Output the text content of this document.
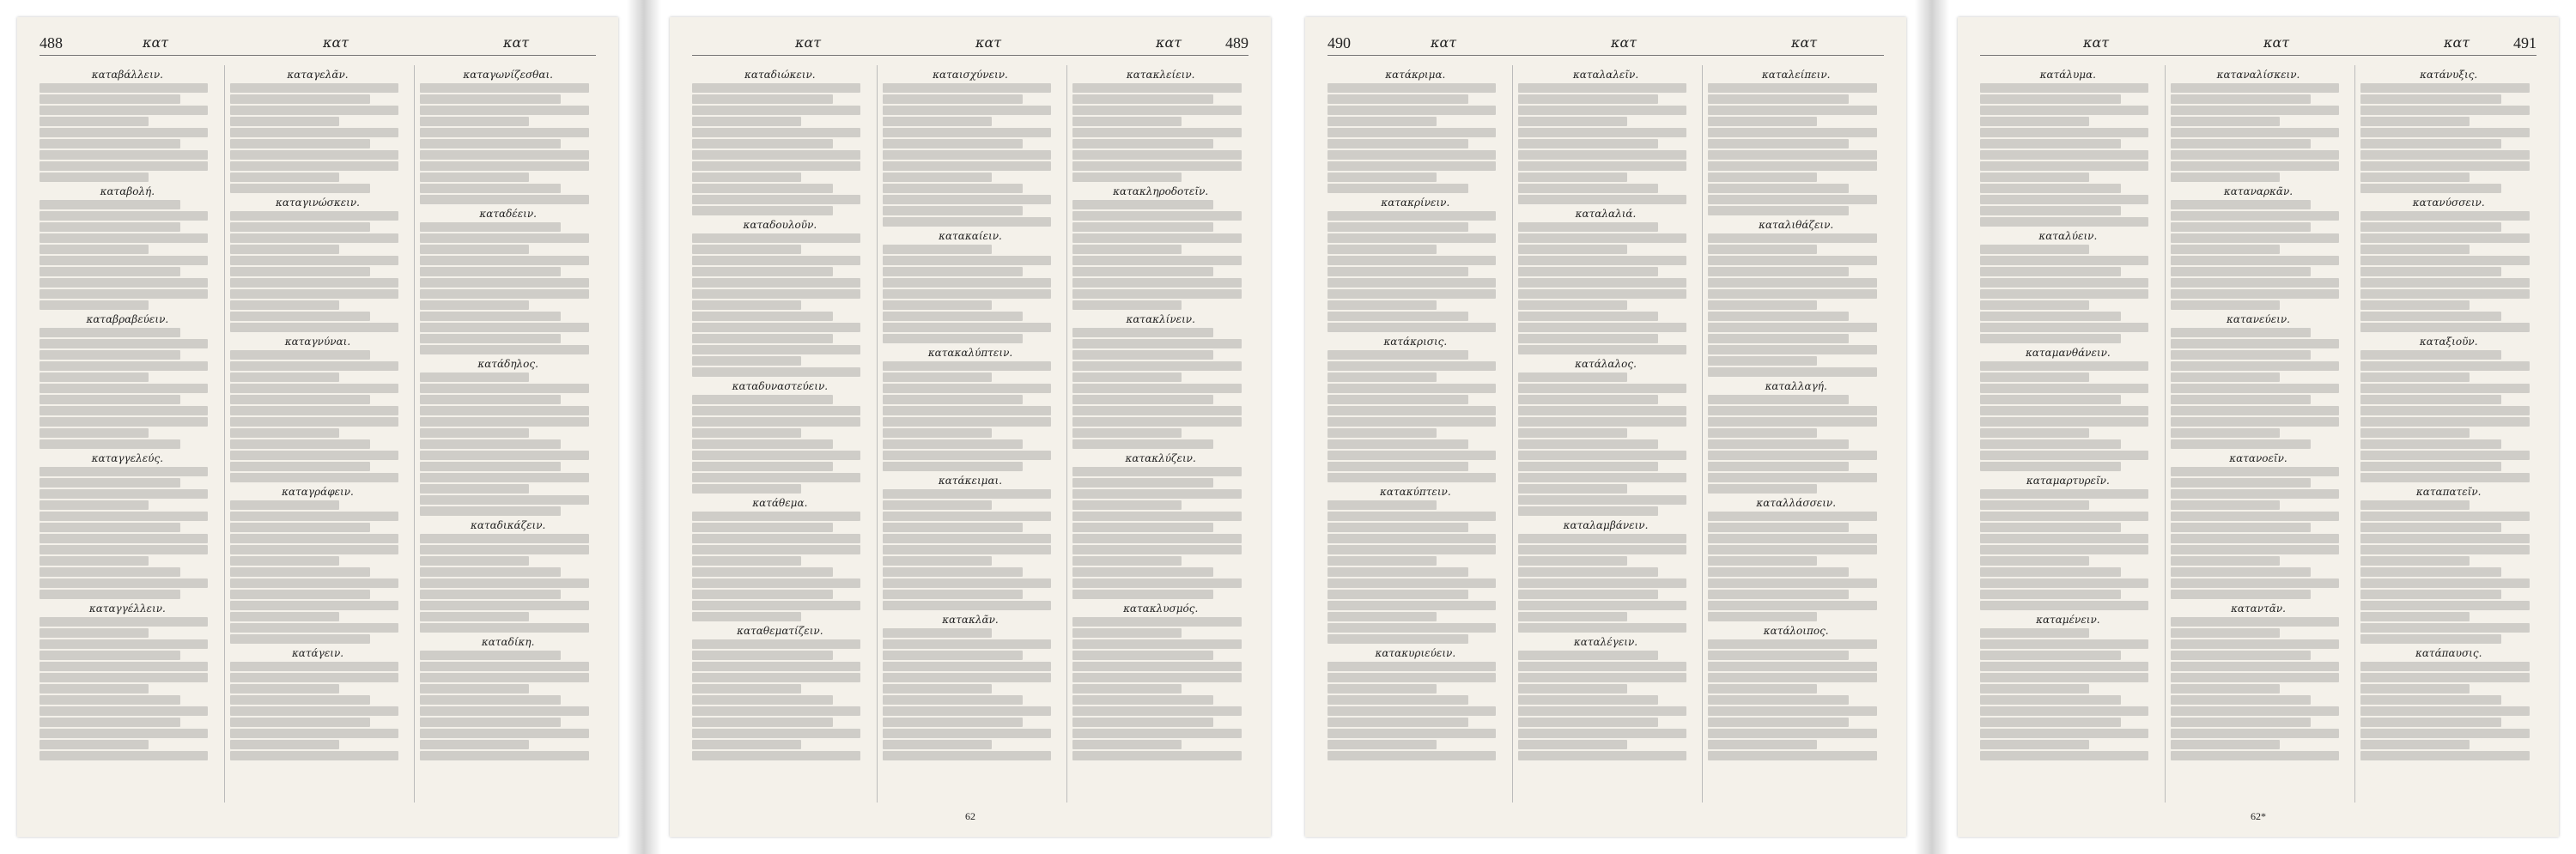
488	κατ	κατ	κατ
καταβάλλειν.
καταβολή.
καταβραβεύειν.
καταγγελεύς.
καταγγέλλειν.
καταγελᾶν.
καταγινώσκειν.
καταγνύναι.
καταγράφειν.
κατάγειν.
καταγωνίζεσθαι.
καταδέειν.
κατάδηλος.
καταδικάζειν.
καταδίκη.
κατ	κατ	κατ	489
καταδιώκειν.
καταδουλοῦν.
καταδυναστεύειν.
κατάθεμα.
καταθεματίζειν.
καταισχύνειν.
κατακαίειν.
κατακαλύπτειν.
κατάκειμαι.
κατακλᾶν.
κατακλείειν.
κατακληροδοτεῖν.
κατακλίνειν.
κατακλύζειν.
κατακλυσμός.
62
490	κατ	κατ	κατ
κατάκριμα.
κατακρίνειν.
κατάκρισις.
κατακύπτειν.
κατακυριεύειν.
καταλαλεῖν.
καταλαλιά.
κατάλαλος.
καταλαμβάνειν.
καταλέγειν.
καταλείπειν.
καταλιθάζειν.
καταλλαγή.
καταλλάσσειν.
κατάλοιπος.
κατ	κατ	κατ	491
κατάλυμα.
καταλύειν.
καταμανθάνειν.
καταμαρτυρεῖν.
καταμένειν.
καταναλίσκειν.
καταναρκᾶν.
κατανεύειν.
κατανοεῖν.
καταντᾶν.
κατάνυξις.
κατανύσσειν.
καταξιοῦν.
καταπατεῖν.
κατάπαυσις.
62*
